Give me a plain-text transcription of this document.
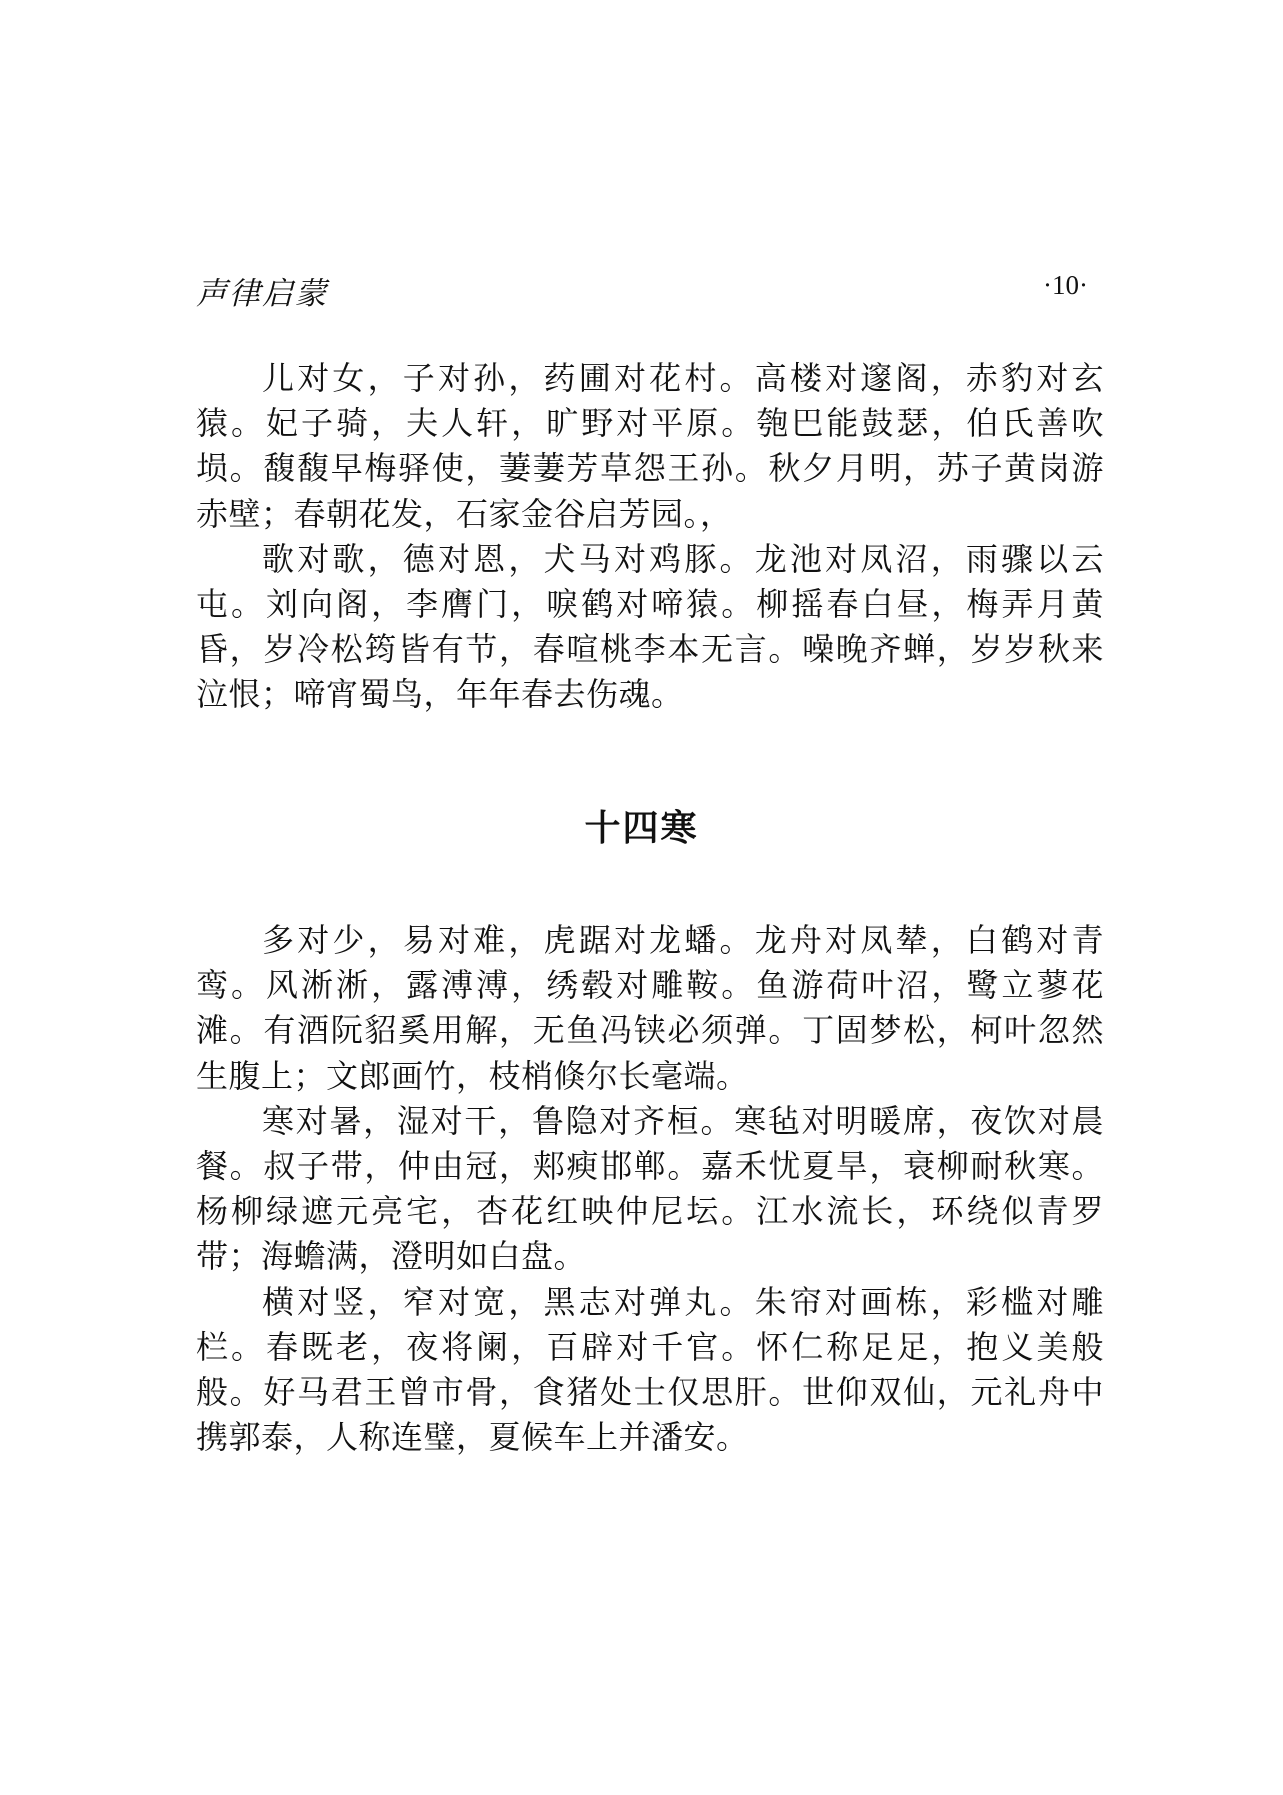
声律启蒙	·10·

儿对女，子对孙，药圃对花村。高楼对邃阁，赤豹对玄猿。妃子骑，夫人轩，旷野对平原。匏巴能鼓瑟，伯氏善吹埙。馥馥早梅驿使，萋萋芳草怨王孙。秋夕月明，苏子黄岗游赤壁；春朝花发，石家金谷启芳园。，

歌对歌，德对恩，犬马对鸡豚。龙池对凤沼，雨骤以云屯。刘向阁，李膺门，唳鹤对啼猿。柳摇春白昼，梅弄月黄昏，岁冷松筠皆有节，春喧桃李本无言。噪晚齐蝉，岁岁秋来泣恨；啼宵蜀鸟，年年春去伤魂。

十四寒

多对少，易对难，虎踞对龙蟠。龙舟对凤辇，白鹤对青鸾。风淅淅，露溥溥，绣毂对雕鞍。鱼游荷叶沼，鹭立蓼花滩。有酒阮貂奚用解，无鱼冯铗必须弹。丁固梦松，柯叶忽然生腹上；文郎画竹，枝梢倏尔长毫端。

寒对暑，湿对干，鲁隐对齐桓。寒毡对明暖席，夜饮对晨餐。叔子带，仲由冠，郏瘐邯郸。嘉禾忧夏旱，衰柳耐秋寒。杨柳绿遮元亮宅，杏花红映仲尼坛。江水流长，环绕似青罗带；海蟾满，澄明如白盘。

横对竖，窄对宽，黑志对弹丸。朱帘对画栋，彩槛对雕栏。春既老，夜将阑，百辟对千官。怀仁称足足，抱义美般般。好马君王曾市骨，食猪处士仅思肝。世仰双仙，元礼舟中携郭泰，人称连璧，夏候车上并潘安。
